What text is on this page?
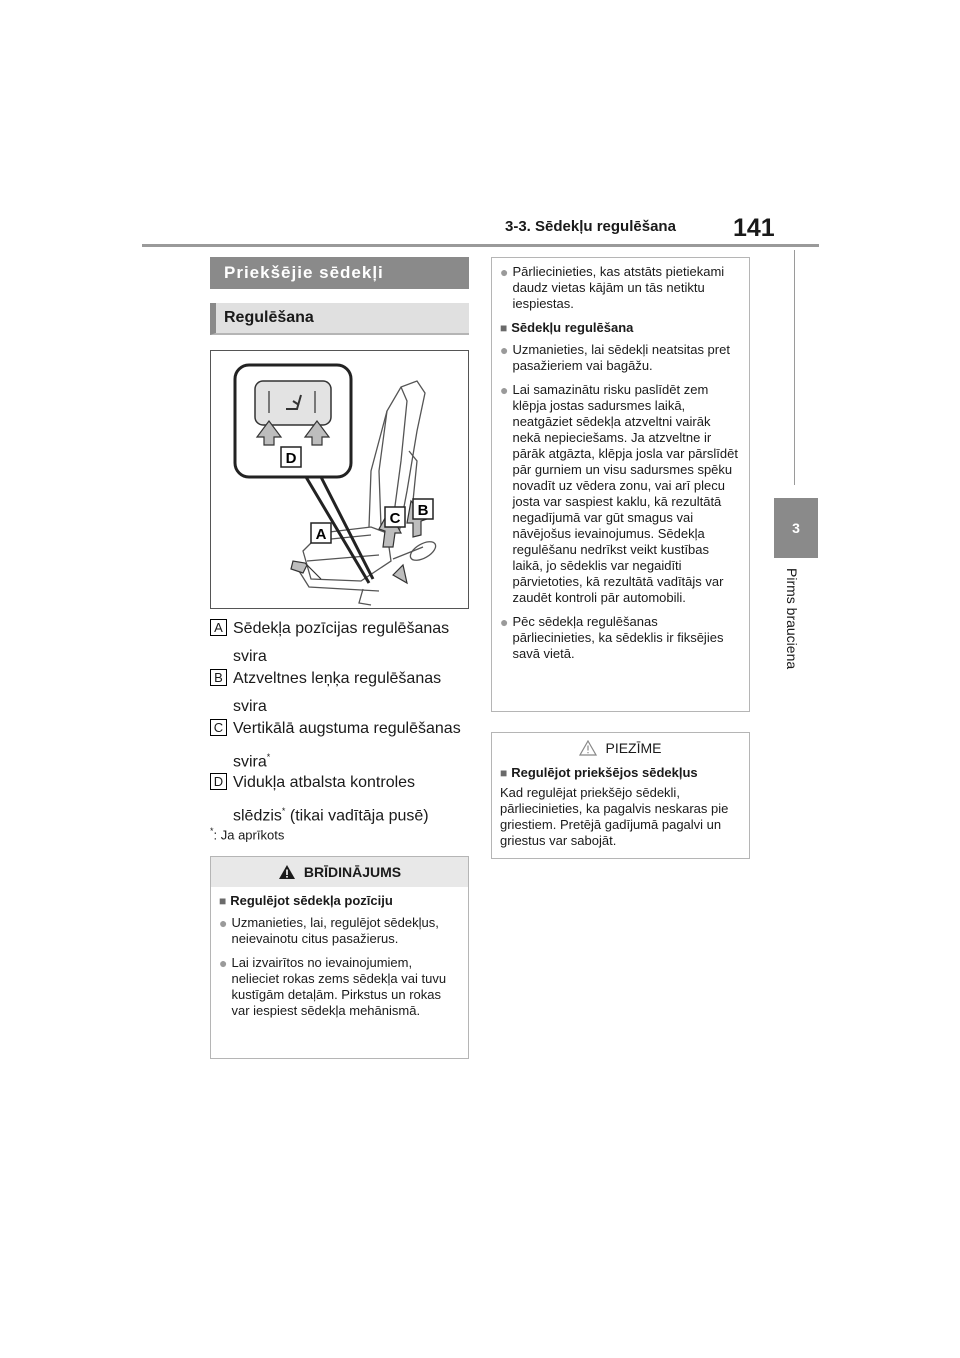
3-3. Sēdekļu regulēšana 141
3
Pirms brauciena
Priekšējie sēdekļi
Regulēšana
D
A
C B
A Sēdekļa pozīcijas regulēšanas
svira
B Atzveltnes leņķa regulēšanas
svira
C Vertikālā augstuma regulēšanas
svira*
D Vidukļa atbalsta kontroles
slēdzis* (tikai vadītāja pusē)
*: Ja aprīkots
BRĪDINĀJUMS
■ Regulējot sēdekļa pozīciju
● Uzmanieties, lai, regulējot sēdekļus, neievainotu citus pasažierus.
● Lai izvairītos no ievainojumiem, nelieciet rokas zems sēdekļa vai tuvu kustīgām detaļām. Pirkstus un rokas var iespiest sēdekļa mehānismā.
● Pārliecinieties, kas atstāts pietiekami daudz vietas kājām un tās netiktu iespiestas.
■ Sēdekļu regulēšana
● Uzmanieties, lai sēdekļi neatsitas pret pasažieriem vai bagāžu.
● Lai samazinātu risku paslīdēt zem klēpja jostas sadursmes laikā, neatgāziet sēdekļa atzveltni vairāk nekā nepieciešams. Ja atzveltne ir pārāk atgāzta, klēpja josla var pārslīdēt pār gurniem un visu sadursmes spēku novadīt uz vēdera zonu, vai arī plecu josta var saspiest kaklu, kā rezultātā negadījumā var gūt smagus vai nāvējošus ievainojumus. Sēdekļa regulēšanu nedrīkst veikt kustības laikā, jo sēdeklis var negaidīti pārvietoties, kā rezultātā vadītājs var zaudēt kontroli pār automobili.
● Pēc sēdekļa regulēšanas pārliecinieties, ka sēdeklis ir fiksējies savā vietā.
PIEZĪME
■ Regulējot priekšējos sēdekļus
Kad regulējat priekšējo sēdekli, pārliecinieties, ka pagalvis neskaras pie griestiem. Pretējā gadījumā pagalvi un griestus var sabojāt.
